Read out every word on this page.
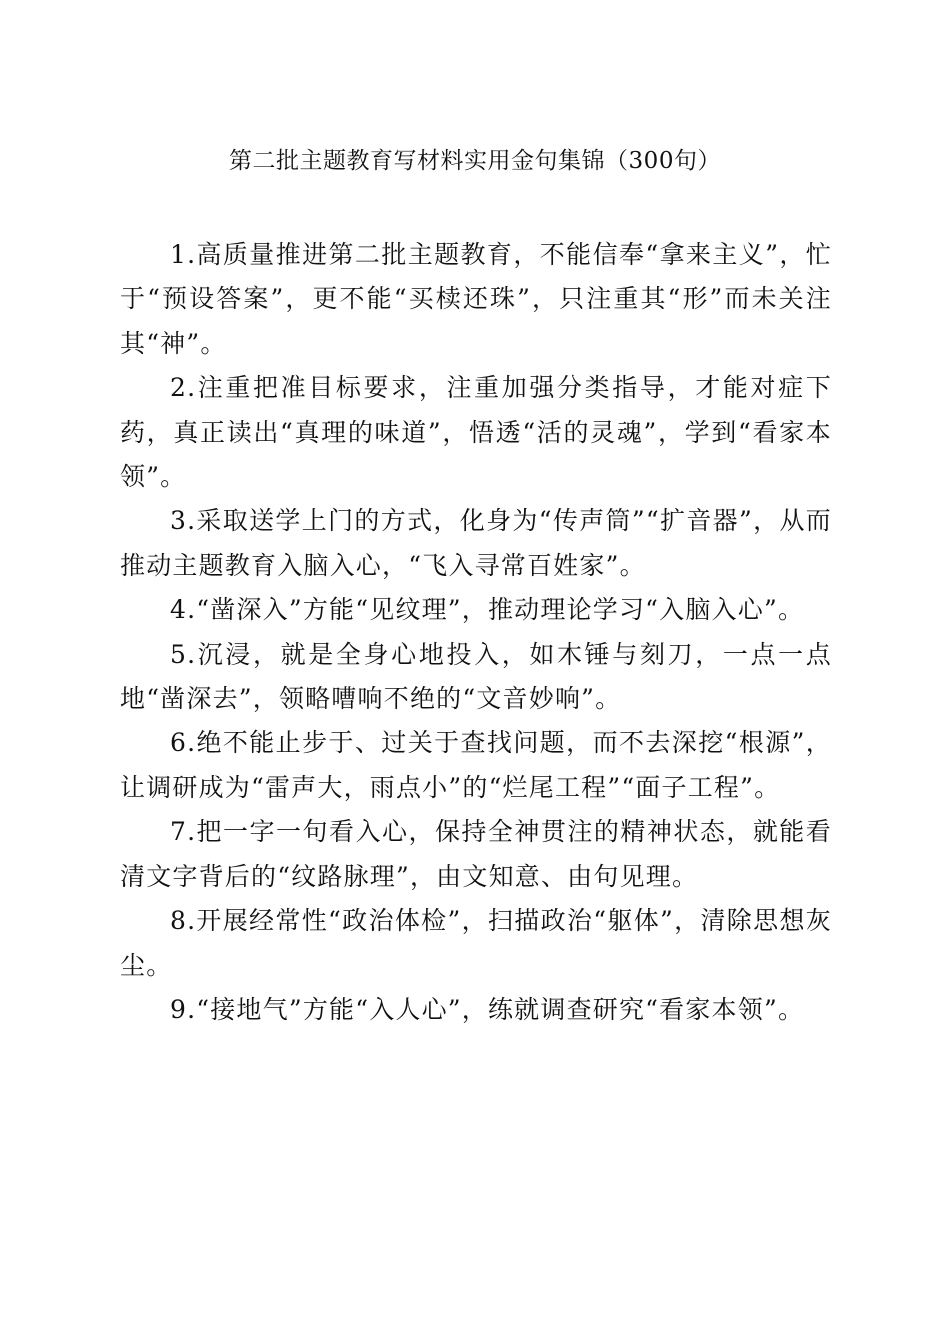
第二批主题教育写材料实用金句集锦（300句）

1.高质量推进第二批主题教育，不能信奉“拿来主义”，忙于“预设答案”，更不能“买椟还珠”，只注重其“形”而未关注其“神”。

2.注重把准目标要求，注重加强分类指导，才能对症下药，真正读出“真理的味道”，悟透“活的灵魂”，学到“看家本领”。

3.采取送学上门的方式，化身为“传声筒”“扩音器”，从而推动主题教育入脑入心，“飞入寻常百姓家”。

4.“凿深入”方能“见纹理”，推动理论学习“入脑入心”。

5.沉浸，就是全身心地投入，如木锤与刻刀，一点一点地“凿深去”，领略嘈响不绝的“文音妙响”。

6.绝不能止步于、过关于查找问题，而不去深挖“根源”，让调研成为“雷声大，雨点小”的“烂尾工程”“面子工程”。

7.把一字一句看入心，保持全神贯注的精神状态，就能看清文字背后的“纹路脉理”，由文知意、由句见理。

8.开展经常性“政治体检”，扫描政治“躯体”，清除思想灰尘。

9.“接地气”方能“入人心”，练就调查研究“看家本领”。
